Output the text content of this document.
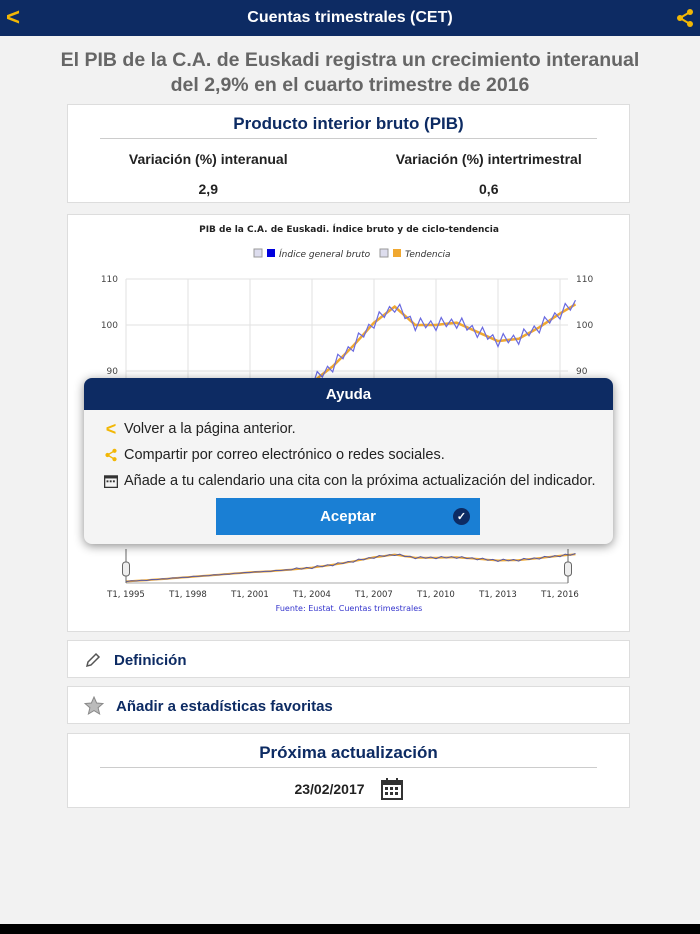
<	Cuentas trimestrales (CET)
El PIB de la C.A. de Euskadi registra un crecimiento interanual del 2,9% en el cuarto trimestre de 2016
Producto interior bruto (PIB)
Variación (%) interanual
2,9
Variación (%) intertrimestral
0,6
PIB de la C.A. de Euskadi. Índice bruto y de ciclo-tendencia
Índice general bruto	Tendencia
T1, 1995	T1, 1998	T1, 2001	T1, 2004	T1, 2007	T1, 2010	T1, 2013	T1, 2016
110	110
100	100
90	90
Fuente: Eustat. Cuentas trimestrales
Definición
Añadir a estadísticas favoritas
Próxima actualización
23/02/2017
Ayuda
< Volver a la página anterior.
Compartir por correo electrónico o redes sociales.
Añade a tu calendario una cita con la próxima actualización del indicador.
Aceptar	✓
